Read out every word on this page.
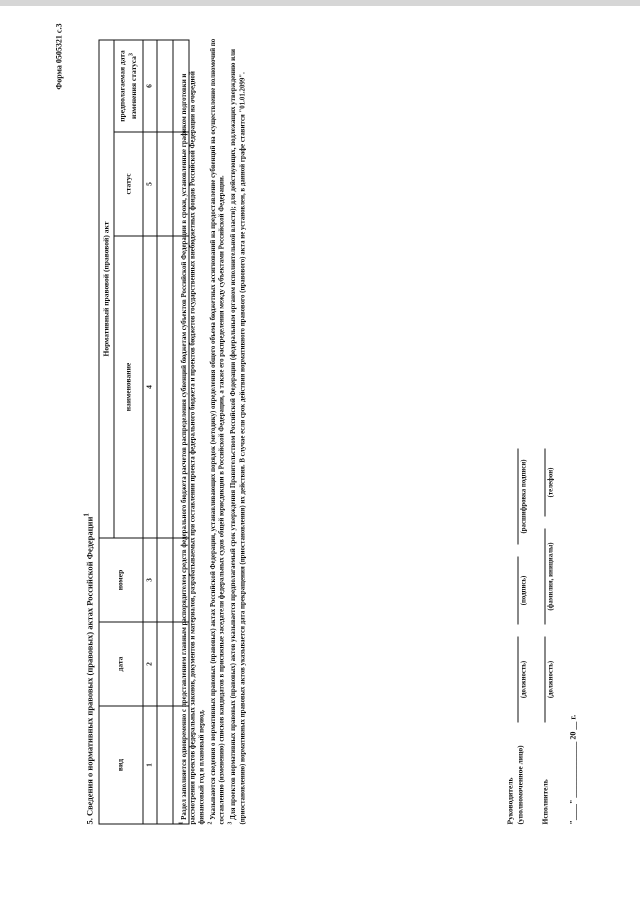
Форма 0505321 с.3
5. Сведения о нормативных правовых (правовых) актах Российской Федерации$^1$
вид	дата	номер	Нормативный правовой (правовой) акт		
			наименование	статус	предполагаемая дата изменения статуса$^3$
1	2	3	4	5	6

$^1$ Раздел заполняется одновременно с представлением главным распорядителем средств федерального бюджета расчетов распределения субвенций бюджетам субъектов Российской Федерации в сроки, установленные графиком подготовки и рассмотрения проектов федеральных законов, документов и материалов, разрабатываемых при составлении проекта федерального бюджета и проектов бюджетов государственных внебюджетных фондов Российской Федерации на очередной финансовый год и плановый период. $^2$ Указываются сведения о нормативных правовых (правовых) актах Российской Федерации, устанавливающих порядок (методику) определения общего объема бюджетных ассигнований на предоставление субвенций на осуществление полномочий по составлению (изменению) списков кандидатов в присяжные заседатели федеральных судов общей юрисдикции в Российской Федерации, а также его распределения между субъектами Российской Федерации. $^3$ Для проектов нормативных правовых (правовых) актов указывается предполагаемый срок утверждения Правительством Российской Федерации (федеральным органом исполнительной власти); для действующих, подлежащих утверждению или (приостановлению) нормативных правовых актов указывается дата прекращения (приостановления) их действия. В случае если срок действия нормативного правового (правового) акта не установлен, в данной графе ставится "01.01.2099".	Руководитель (уполномоченное лицо)
(должность)
(подпись)
(расшифровка подписи)
Исполнитель
(должность)
(фамилия, инициалы)
(телефон)
"____" ______________ 20 __ г.
